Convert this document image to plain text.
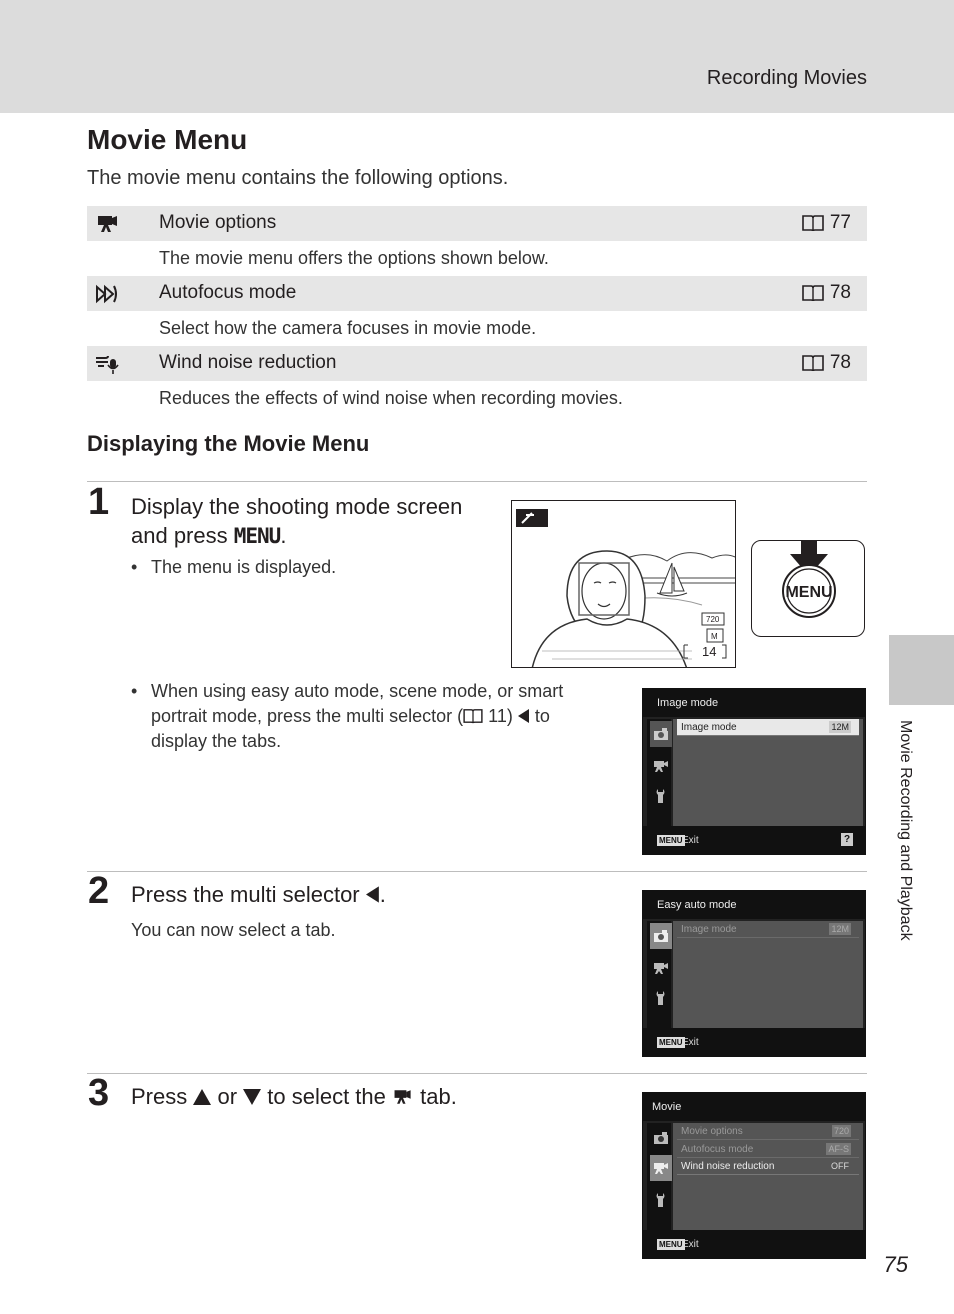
Recording Movies
Movie Menu
The movie menu contains the following options.
Movie options	77
The movie menu offers the options shown below.
Autofocus mode	78
Select how the camera focuses in movie mode.
Wind noise reduction	78
Reduces the effects of wind noise when recording movies.
Displaying the Movie Menu
1 Display the shooting mode screen
and press MENU.
• The menu is displayed.
M
720
14
MENU
• When using easy auto mode, scene mode, or smart
portrait mode, press the multi selector ( 11)  to
display the tabs.
Image mode
Image mode	12M
MENU Exit	?
2 Press the multi selector .
You can now select a tab.
Easy auto mode
Image mode	12M
MENU Exit
3 Press  or  to select the  tab.	Movie
Movie options	720
Autofocus mode	AF-S
Wind noise reduction	OFF
MENU Exit
Movie Recording and Playback
75
